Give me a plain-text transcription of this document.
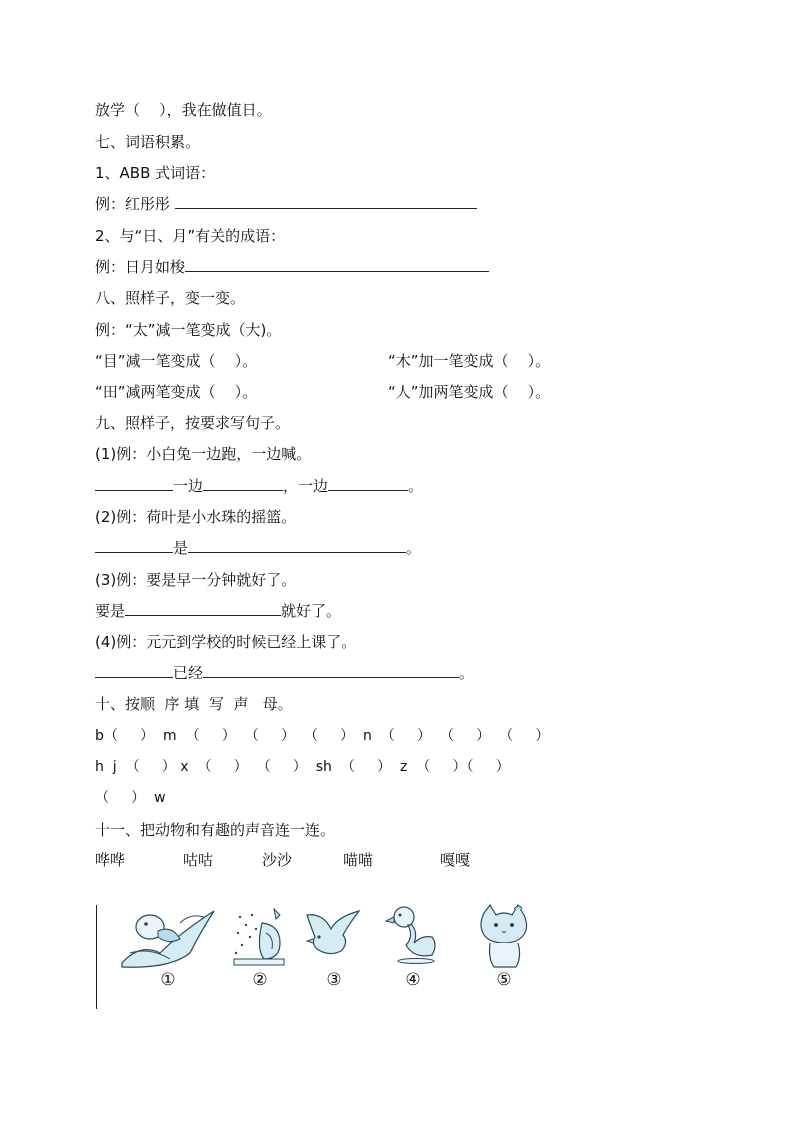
放学（    ），我在做值日。
七、词语积累。
1、ABB 式词语：
例：红彤彤
2、与“日、月”有关的成语：
例：日月如梭
八、照样子，变一变。
例：“太”减一笔变成（大)。
“目”减一笔变成（    ）。	“木”加一笔变成（    ）。
“田”减两笔变成（    ）。	“人”加两笔变成（    ）。
九、照样子，按要求写句子。
(1)例：小白兔一边跑，一边喊。
一边	，一边	。
(2)例：荷叶是小水珠的摇篮。
是	。
(3)例：要是早一分钟就好了。
要是	就好了。
(4)例：元元到学校的时候已经上课了。
已经	。
十、按顺  序 填  写  声   母。
b（     ）  m  （     ）  （     ）  （     ）  n  （     ）  （     ）  （     ）
h  j  （     ） x  （     ）  （     ）  sh  （     ）  z  （     ）（     ）
（     ）  w
十一、把动物和有趣的声音连一连。
哗哗	咕咕	沙沙	喵喵	嘎嘎
①	②	③	④	⑤
